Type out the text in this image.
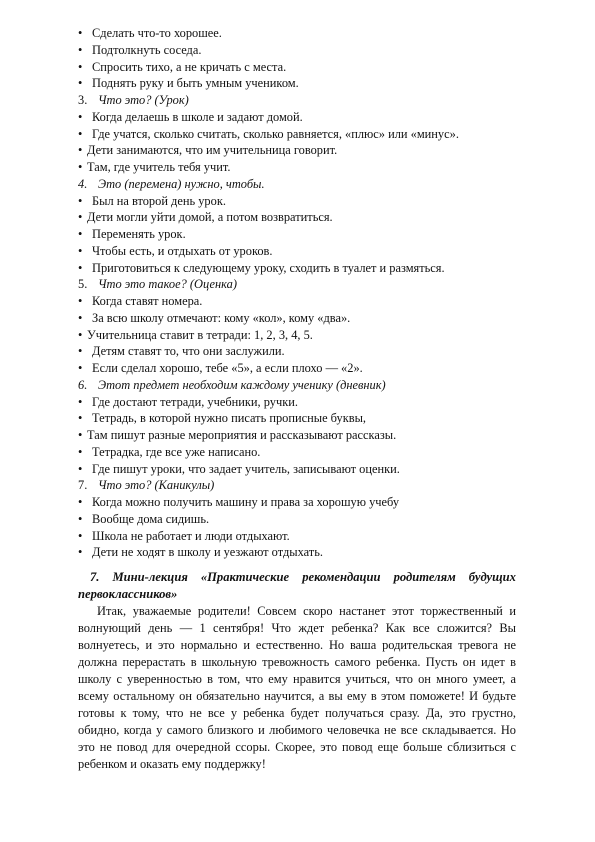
• Сделать что-то хорошее.
• Подтолкнуть соседа.
• Спросить тихо, а не кричать с места.
• Поднять руку и быть умным учеником.
3. Что это? (Урок)
• Когда делаешь в школе и задают домой.
• Где учатся, сколько считать, сколько равняется, «плюс» или «минус».
• Дети занимаются, что им учительница говорит.
• Там, где учитель тебя учит.
4. Это (перемена) нужно, чтобы.
• Был на второй день урок.
• Дети могли уйти домой, а потом возвратиться.
• Переменять урок.
• Чтобы есть, и отдыхать от уроков.
• Приготовиться к следующему уроку, сходить в туалет и размяться.
5. Что это такое? (Оценка)
• Когда ставят номера.
• За всю школу отмечают: кому «кол», кому «два».
• Учительница ставит в тетради: 1, 2, 3, 4, 5.
• Детям ставят то, что они заслужили.
• Если сделал хорошо, тебе «5», а если плохо — «2».
6. Этот предмет необходим каждому ученику (дневник)
• Где достают тетради, учебники, ручки.
• Тетрадь, в которой нужно писать прописные буквы,
• Там пишут разные мероприятия и рассказывают рассказы.
• Тетрадка, где все уже написано.
• Где пишут уроки, что задает учитель, записывают оценки.
7. Что это? (Каникулы)
• Когда можно получить машину и права за хорошую учебу
• Вообще дома сидишь.
• Школа не работает и люди отдыхают.
• Дети не ходят в школу и уезжают отдыхать.
7. Мини-лекция «Практические рекомендации родителям будущих
первоклассников»
Итак, уважаемые родители! Совсем скоро настанет этот торжественный и волнующий день — 1 сентября! Что ждет ребенка? Как все сложится? Вы волнуетесь, и это нормально и естественно. Но ваша родительская тревога не должна перерастать в школьную тревожность самого ребенка. Пусть он идет в школу с уверенностью в том, что ему нравится учиться, что он много умеет, а всему остальному он обязательно научится, а вы ему в этом поможете! И будьте готовы к тому, что не все у ребенка будет получаться сразу. Да, это грустно, обидно, когда у самого близкого и любимого человечка не все складывается. Но это не повод для очередной ссоры. Скорее, это повод еще больше сблизиться с ребенком и оказать ему поддержку!
